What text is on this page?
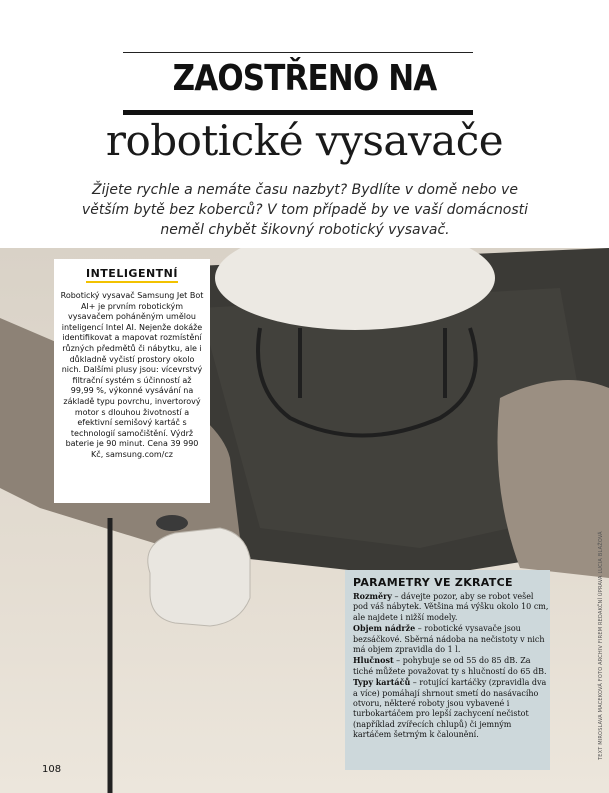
ZAOSTŘENO NA
robotické vysavače
Žijete rychle a nemáte času nazbyt? Bydlíte v domě nebo ve větším bytě bez koberců? V tom případě by ve vaší domácnosti neměl chybět šikovný robotický vysavač.
INTELIGENTNÍ
Robotický vysavač Samsung Jet Bot AI+ je prvním robotickým vysavačem poháněným umělou inteligencí Intel AI. Nejenže dokáže identifikovat a mapovat rozmístění různých předmětů či nábytku, ale i důkladně vyčistí prostory okolo nich. Dalšími plusy jsou: vícevrstvý filtrační systém s účinností až 99,99 %, výkonné vysávání na základě typu povrchu, invertorový motor s dlouhou životností a efektivní semišový kartáč s technologií samočištění. Výdrž baterie je 90 minut. Cena 39 990 Kč, samsung.com/cz
PARAMETRY VE ZKRATCE
Rozměry – dávejte pozor, aby se robot vešel pod váš nábytek. Většina má výšku okolo 10 cm, ale najdete i nižší modely.
Objem nádrže – robotické vysavače jsou bezsáčkové. Sběrná nádoba na nečistoty v nich má objem zpravidla do 1 l.
Hlučnost – pohybuje se od 55 do 85 dB. Za tiché můžete považovat ty s hlučností do 65 dB.
Typy kartáčů – rotující kartáčky (zpravidla dva a více) pomáhají shrnout smetí do nasávacího otvoru, některé roboty jsou vybavené i turbokartáčem pro lepší zachycení nečistot (například zvířecích chlupů) či jemným kartáčem šetrným k čalounění.
108
TEXT MIROSLAVA MACEKOVÁ FOTO ARCHIV FIREM REDAKČNÍ ÚPRAVA LUCIA BLAŽOVÁ
